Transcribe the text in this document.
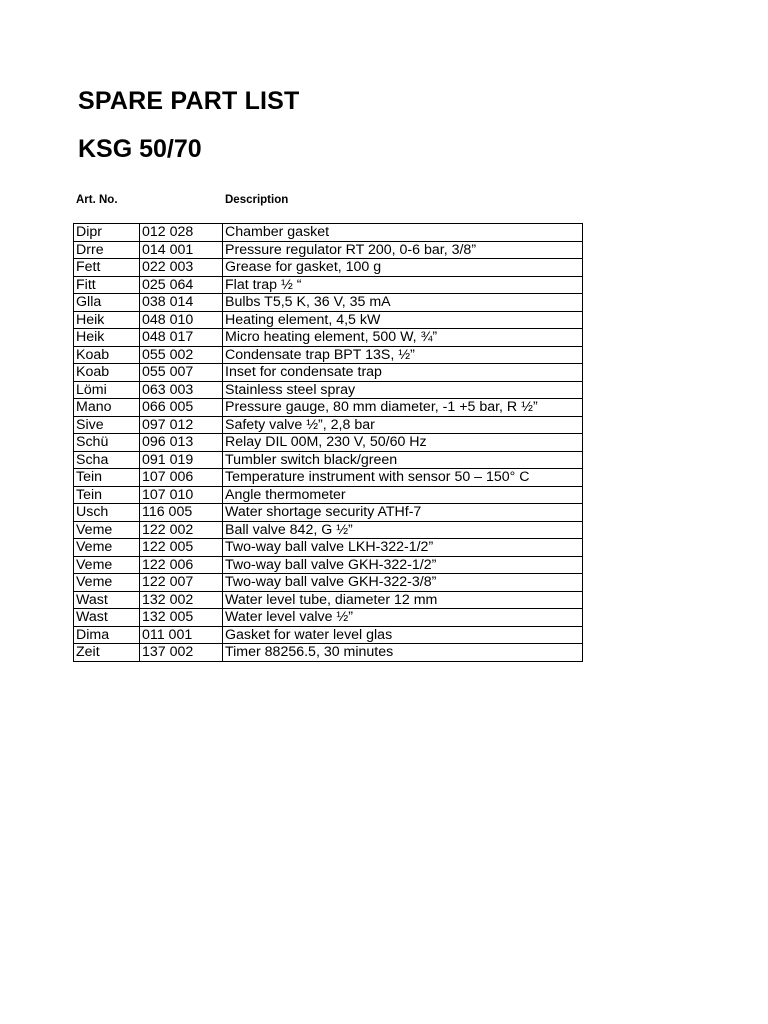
SPARE PART LIST
KSG 50/70
Art. No.	Description
Dipr	012 028	Chamber gasket
Drre	014 001	Pressure regulator RT 200, 0-6 bar, 3/8”
Fett	022 003	Grease for gasket, 100 g
Fitt	025 064	Flat trap ½ “
Glla	038 014	Bulbs T5,5 K, 36 V, 35 mA
Heik	048 010	Heating element, 4,5 kW
Heik	048 017	Micro heating element, 500 W, ¾”
Koab	055 002	Condensate trap BPT 13S, ½”
Koab	055 007	Inset for condensate trap
Lömi	063 003	Stainless steel spray
Mano	066 005	Pressure gauge, 80 mm diameter, -1 +5 bar, R ½”
Sive	097 012	Safety valve ½”, 2,8 bar
Schü	096 013	Relay DIL 00M, 230 V, 50/60 Hz
Scha	091 019	Tumbler switch black/green
Tein	107 006	Temperature instrument with sensor 50 – 150° C
Tein	107 010	Angle thermometer
Usch	116 005	Water shortage security ATHf-7
Veme	122 002	Ball valve 842, G ½”
Veme	122 005	Two-way ball valve LKH-322-1/2”
Veme	122 006	Two-way ball valve GKH-322-1/2”
Veme	122 007	Two-way ball valve GKH-322-3/8”
Wast	132 002	Water level tube, diameter 12 mm
Wast	132 005	Water level valve ½”
Dima	011 001	Gasket for water level glas
Zeit	137 002	Timer 88256.5, 30 minutes
